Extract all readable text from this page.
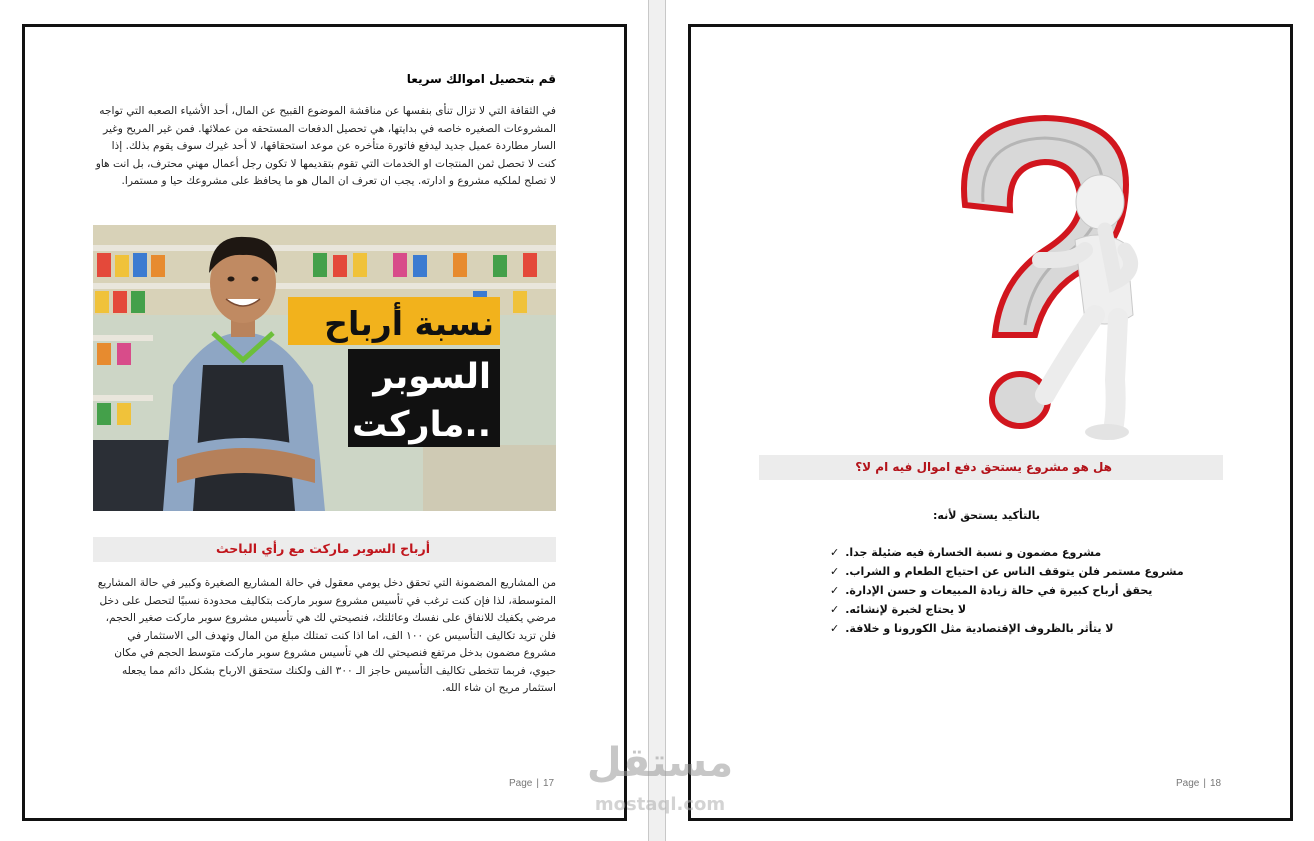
قم بتحصيل اموالك سريعا
في الثقافة التي لا تزال تنأى بنفسها عن مناقشة الموضوع القبيح عن المال، أحد الأشياء الصعبه التي تواجه المشروعات الصغيره خاصه في بدايتها، هي تحصيل الدفعات المستحقه من عملائها. فمن غير المريح وغير السار مطاردة عميل جديد ليدفع فاتورة متأخره عن موعد استحقاقها، لا أحد غيرك سوف يقوم بذلك. إذا كنت لا تحصل ثمن المنتجات او الخدمات التي تقوم بتقديمها لا تكون رجل أعمال مهني محترف، بل انت هاو لا تصلح لملكيه مشروع و ادارته. يجب ان تعرف ان المال هو ما يحافظ على مشروعك حيا و مستمرا.
نسبة أرباح
السوبر
ماركت..
أرباح السوبر ماركت مع رأي الباحث
من المشاريع المضمونة التي تحقق دخل يومي معقول في حالة المشاريع الصغيرة وكبير في حالة المشاريع المتوسطة، لذا فإن كنت ترغب في تأسيس مشروع سوبر ماركت بتكاليف محدودة نسبيًا لتحصل على دخل مرضي يكفيك للانفاق على نفسك وعائلتك، فنصيحتي لك هي تأسيس مشروع سوبر ماركت صغير الحجم، فلن تزيد تكاليف التأسيس عن ١٠٠ الف، اما اذا كنت تمتلك مبلغ من المال وتهدف الى الاستثمار في مشروع مضمون بدخل مرتفع فنصيحتي لك هي تأسيس مشروع سوبر ماركت متوسط الحجم في مكان حيوي، فربما تتخطى تكاليف التأسيس حاجز الـ ٣٠٠ الف ولكنك ستحقق الارباح بشكل دائم مما يجعله استثمار مريح ان شاء الله.
Page | 17
هل هو مشروع يستحق دفع اموال فيه ام لا؟
بالتأكيد يستحق لأنه:
✓ مشروع مضمون و نسبة الخسارة فيه ضئيلة جدا.
✓ مشروع مستمر فلن يتوقف الناس عن احتياج الطعام و الشراب.
✓ يحقق أرباح كبيرة في حالة زيادة المبيعات و حسن الإدارة.
✓ لا يحتاج لخبرة لإنشائه.
✓ لا يتأثر بالظروف الإقتصادية مثل الكورونا و خلافة.
Page | 18
مستقل
mostaql.com
